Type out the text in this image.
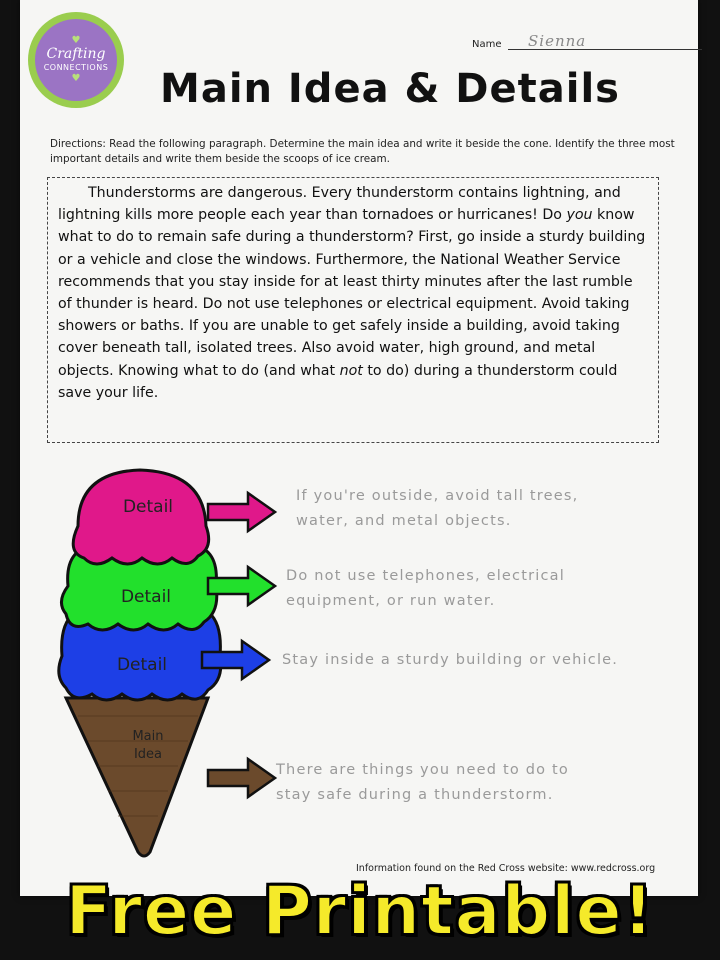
♥
Crafting
CONNECTIONS
♥
Name Sienna
Main Idea & Details
Directions: Read the following paragraph. Determine the main idea and write it beside the cone. Identify the three most important details and write them beside the scoops of ice cream.

Thunderstorms are dangerous. Every thunderstorm contains lightning, and lightning kills more people each year than tornadoes or hurricanes! Do you know what to do to remain safe during a thunderstorm? First, go inside a sturdy building or a vehicle and close the windows. Furthermore, the National Weather Service recommends that you stay inside for at least thirty minutes after the last rumble of thunder is heard. Do not use telephones or electrical equipment. Avoid taking showers or baths. If you are unable to get safely inside a building, avoid taking cover beneath tall, isolated trees. Also avoid water, high ground, and metal objects. Knowing what to do (and what not to do) during a thunderstorm could save your life.

Detail
Detail
Detail
Main
Idea
If you're outside, avoid tall trees,
water, and metal objects.
Do not use telephones, electrical
equipment, or run water.
Stay inside a sturdy building or vehicle.
There are things you need to do to
stay safe during a thunderstorm.
Information found on the Red Cross website: www.redcross.org
Free Printable!
